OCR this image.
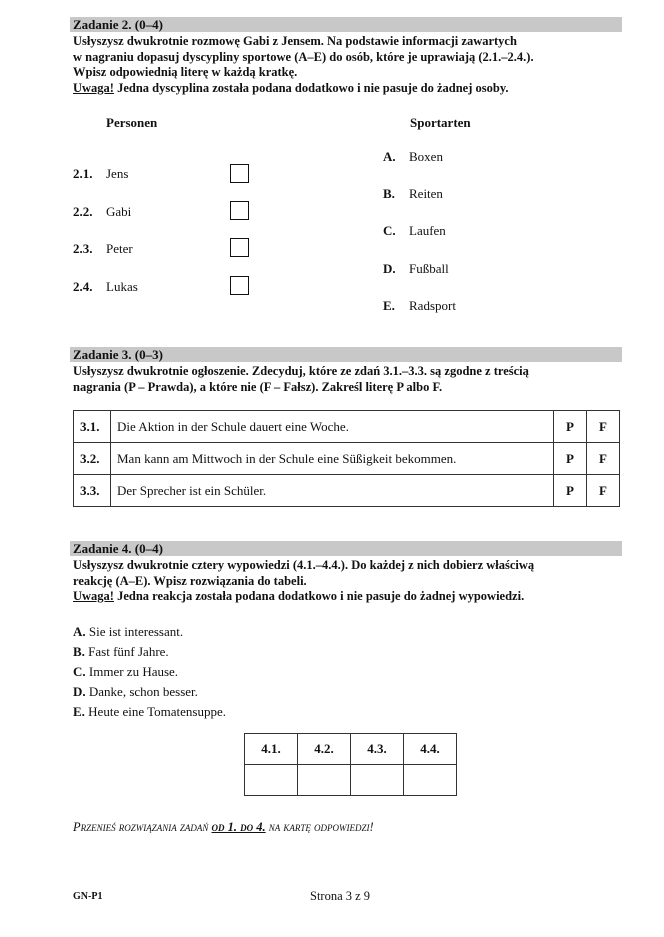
Zadanie 2. (0–4)

Usłyszysz dwukrotnie rozmowę Gabi z Jensem. Na podstawie informacji zawartych

w nagraniu dopasuj dyscypliny sportowe (A–E) do osób, które je uprawiają (2.1.–2.4.).

Wpisz odpowiednią literę w każdą kratkę.

Uwaga! Jedna dyscyplina została podana dodatkowo i nie pasuje do żadnej osoby.

Personen	Sportarten
2.1. Jens
2.2. Gabi
2.3. Peter
2.4. Lukas
A. Boxen
B. Reiten
C. Laufen
D. Fußball
E. Radsport
Zadanie 3. (0–3)

Usłyszysz dwukrotnie ogłoszenie. Zdecyduj, które ze zdań 3.1.–3.3. są zgodne z treścią

nagrania (P – Prawda), a które nie (F – Fałsz). Zakreśl literę P albo F.

3.1.	Die Aktion in der Schule dauert eine Woche.	P	F
3.2.	Man kann am Mittwoch in der Schule eine Süßigkeit bekommen.	P	F
3.3.	Der Sprecher ist ein Schüler.	P	F
Zadanie 4. (0–4)

Usłyszysz dwukrotnie cztery wypowiedzi (4.1.–4.4.). Do każdej z nich dobierz właściwą

reakcję (A–E). Wpisz rozwiązania do tabeli.

Uwaga! Jedna reakcja została podana dodatkowo i nie pasuje do żadnej wypowiedzi.

A. Sie ist interessant.
B. Fast fünf Jahre.
C. Immer zu Hause.
D. Danke, schon besser.
E. Heute eine Tomatensuppe.
4.1.	4.2.	4.3.	4.4.

Przenieś rozwiązania zadań od 1. do 4. na kartę odpowiedzi!
GN-P1	Strona 3 z 9
